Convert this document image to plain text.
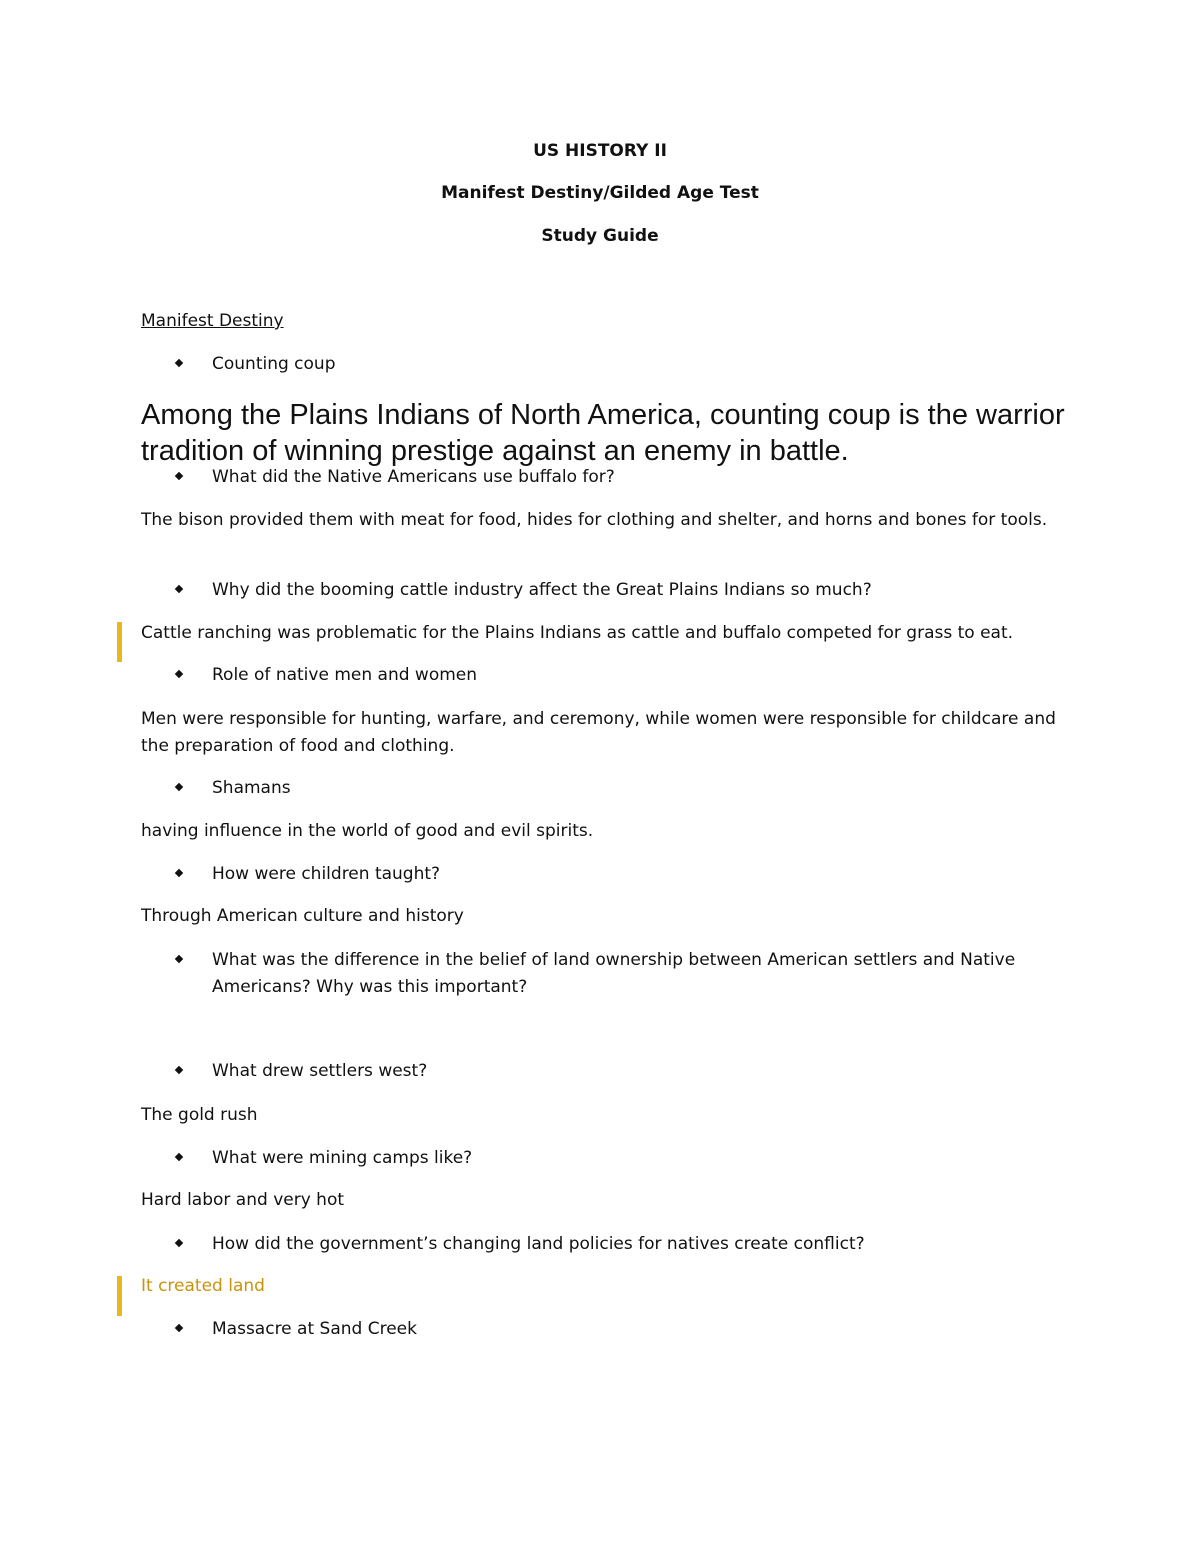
US HISTORY II
Manifest Destiny/Gilded Age Test
Study Guide
Manifest Destiny
Counting coup
Among the Plains Indians of North America, counting coup is the warrior tradition of winning prestige against an enemy in battle.
What did the Native Americans use buffalo for?
The bison provided them with meat for food, hides for clothing and shelter, and horns and bones for tools.
Why did the booming cattle industry affect the Great Plains Indians so much?
Cattle ranching was problematic for the Plains Indians as cattle and buffalo competed for grass to eat.
Role of native men and women
Men were responsible for hunting, warfare, and ceremony, while women were responsible for childcare and the preparation of food and clothing.
Shamans
having influence in the world of good and evil spirits.
How were children taught?
Through American culture and history
What was the difference in the belief of land ownership between American settlers and Native Americans? Why was this important?
What drew settlers west?
The gold rush
What were mining camps like?
Hard labor and very hot
How did the government’s changing land policies for natives create conflict?
It created land
Massacre at Sand Creek
